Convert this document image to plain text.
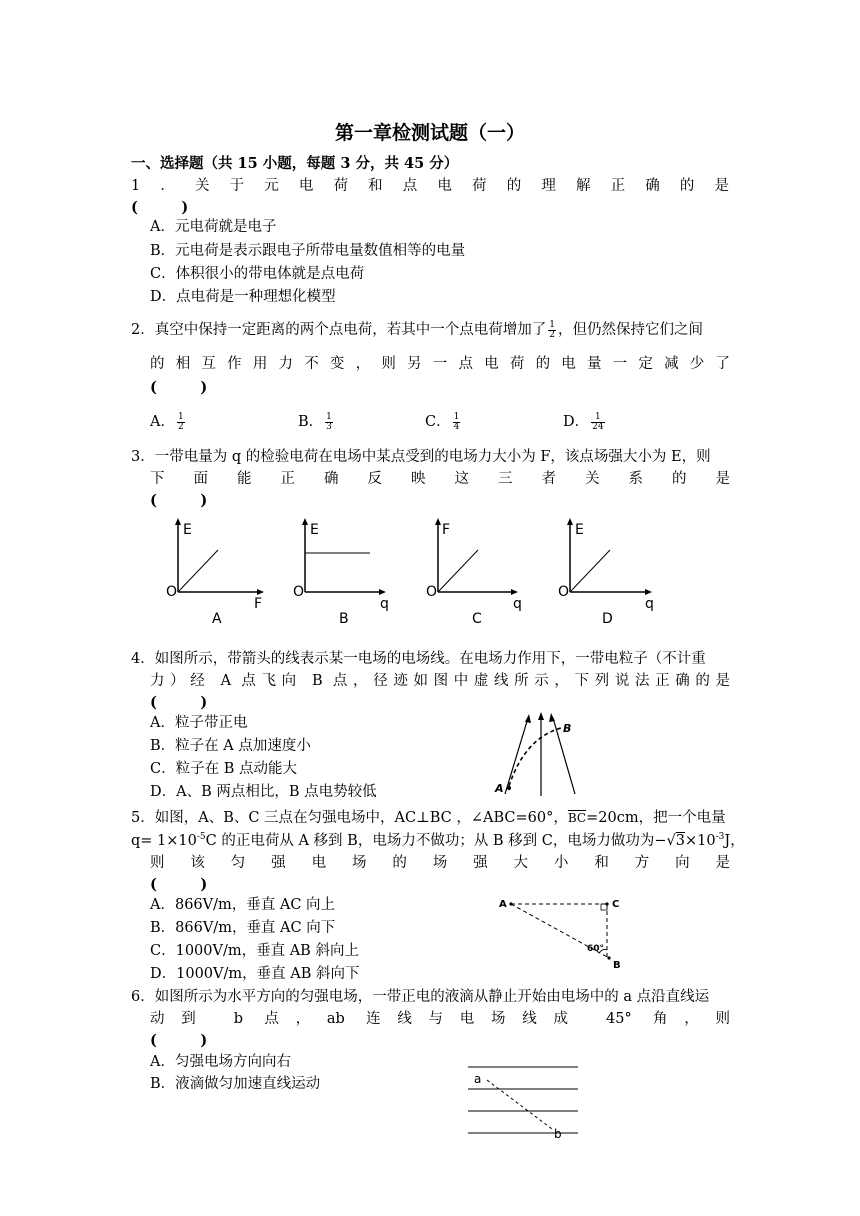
第一章检测试题（一）
一、选择题（共 15 小题，每题 3 分，共 45 分）
1．关于元电荷和点电荷的理解正确的是
(　　　)
A．元电荷就是电子
B．元电荷是表示跟电子所带电量数值相等的电量
C．体积很小的带电体就是点电荷
D．点电荷是一种理想化模型
2．真空中保持一定距离的两个点电荷，若其中一个点电荷增加了 $\frac{1}{2}$ ，但仍然保持它们之间
的相互作用力不变，则另一点电荷的电量一定减少了
(　　　)
A． $\frac{1}{2}$	B． $\frac{1}{3}$	C． $\frac{1}{4}$	D． $\frac{1}{24}$
3．一带电量为 q 的检验电荷在电场中某点受到的电场力大小为 F，该点场强大小为 E，则
下面能正确反映这三者关系的是
(　　　)
E
O
F
A
E
O
q
B
F
O
q
C
E
O
q
D
4．如图所示，带箭头的线表示某一电场的电场线。在电场力作用下，一带电粒子（不计重
力）经 A 点飞向 B 点，径迹如图中虚线所示，下列说法正确的是
(　　　)
A．粒子带正电
B．粒子在 A 点加速度小
C．粒子在 B 点动能大
D．A、B 两点相比，B 点电势较低	A
B
5．如图，A、B、C 三点在匀强电场中，AC⊥BC ，∠ABC=60°，$\overline{BC}=20cm$，把一个电量
$q= 1\times 10^{-5}C$ 的正电荷从 A 移到 B，电场力不做功；从 B 移到 C，电场力做功为$-√3\times 10^{-3}J$，
则该匀强电场的场强大小和方向是
(　　　)
A．866V/m，垂直 AC 向上
B．866V/m，垂直 AC 向下
C．1000V/m，垂直 AB 斜向上
D．1000V/m，垂直 AB 斜向下
A	C
B
60°
6．如图所示为水平方向的匀强电场，一带正电的液滴从静止开始由电场中的 a 点沿直线运
动到 b 点，ab 连线与电场线成 45° 角，则
(　　　)
A．匀强电场方向向右
B．液滴做匀加速直线运动	a
b
